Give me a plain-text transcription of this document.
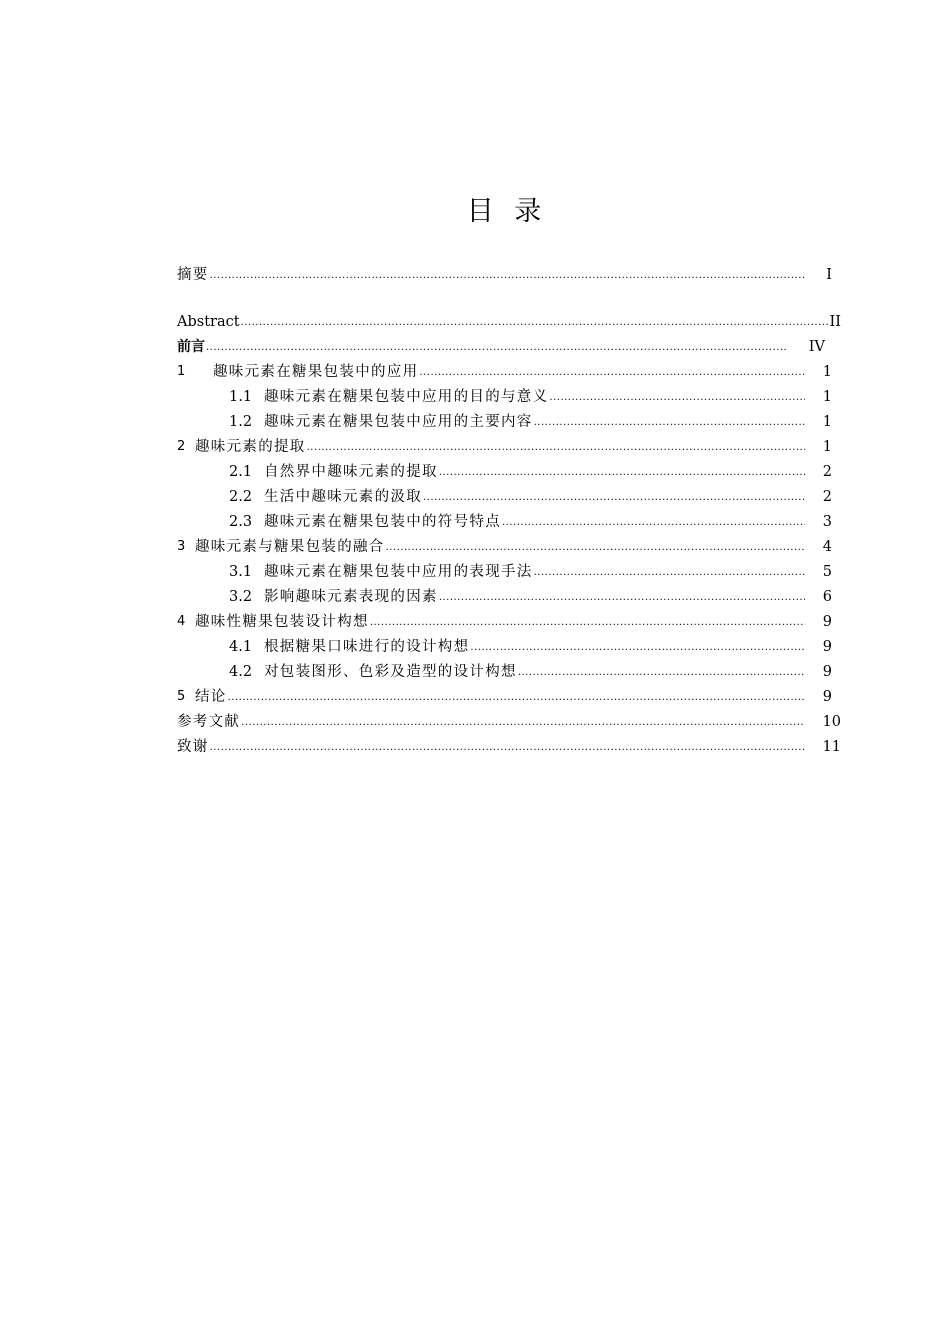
目 录
摘要 .....	I
Abstract .....	II
前言 .....	IV
1	趣味元素在糖果包装中的应用 .....	1
1.1 趣味元素在糖果包装中应用的目的与意义 .....	1
1.2 趣味元素在糖果包装中应用的主要内容 .....	1
2 趣味元素的提取 .....	1
2.1 自然界中趣味元素的提取 .....	2
2.2 生活中趣味元素的汲取 .....	2
2.3 趣味元素在糖果包装中的符号特点 .....	3
3 趣味元素与糖果包装的融合 .....	4
3.1 趣味元素在糖果包装中应用的表现手法 .....	5
3.2 影响趣味元素表现的因素 .....	6
4 趣味性糖果包装设计构想 .....	9
4.1 根据糖果口味进行的设计构想 .....	9
4.2 对包装图形、色彩及造型的设计构想 .....	9
5 结论 .....	9
参考文献 .....	10
致谢 .....	11
